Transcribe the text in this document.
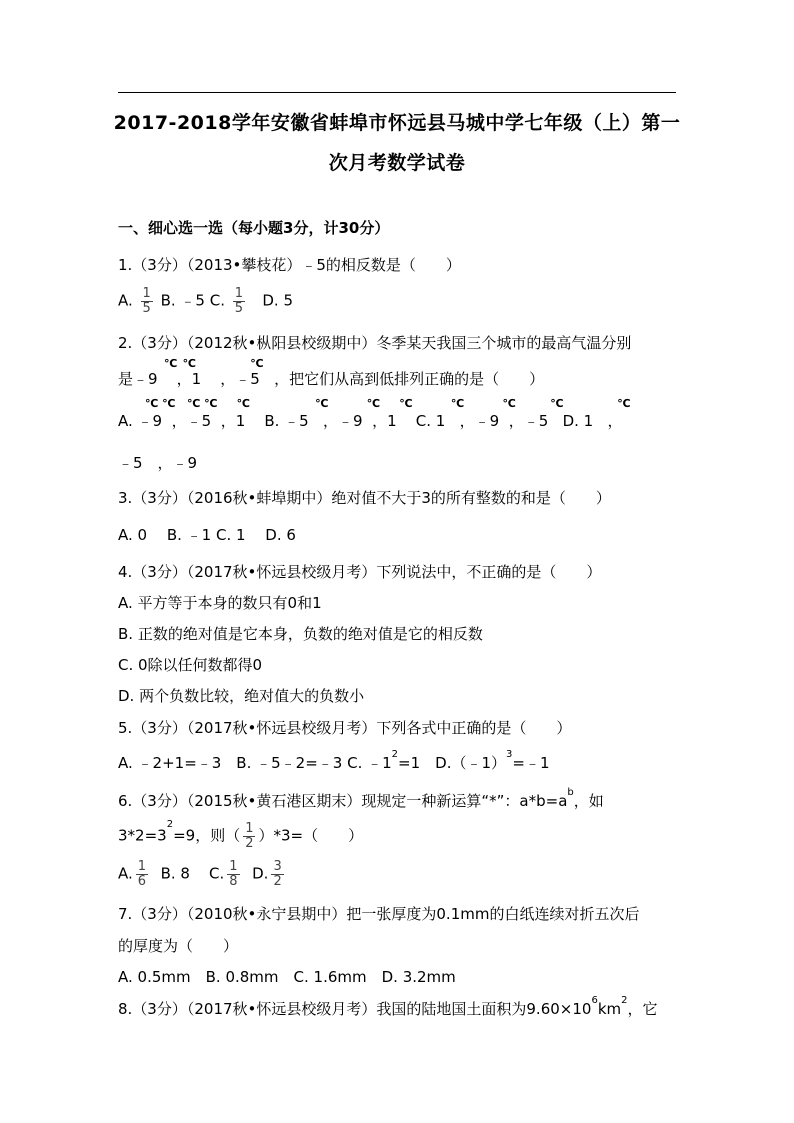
2017-2018学年安徽省蚌埠市怀远县马城中学七年级（上）第一
次月考数学试卷
一、细心选一选（每小题3分，计30分）
1.（3分）（2013•攀枝花）﹣5的相反数是（　　）
A. $\frac{1}{5} B$. ﹣5 C. $\frac{1}{5} D$. 5
2.（3分）（2012秋•枞阳县校级期中）冬季某天我国三个城市的最高气温分别
是﹣9
℃
，1
℃
，﹣5
℃
，把它们从高到低排列正确的是（　　）
A. ﹣9 ，﹣5 ，1 B. ﹣5 ，﹣9 ，1 C. 1 ，﹣9 ，﹣5 D. 1 ，
℃ ℃ ℃ ℃ ℃	℃	℃ ℃	℃	℃	℃	℃
﹣5　，﹣9
3.（3分）（2016秋•蚌埠期中）绝对值不大于3的所有整数的和是（　　）
A. 0　 B. ﹣1 C. 1　 D. 6
4.（3分）（2017秋•怀远县校级月考）下列说法中，不正确的是（　　）
A. 平方等于本身的数只有0和1
B. 正数的绝对值是它本身，负数的绝对值是它的相反数
C. 0除以任何数都得0
D. 两个负数比较，绝对值大的负数小
5.（3分）（2017秋•怀远县校级月考）下列各式中正确的是（　　）
A. ﹣2+1=﹣3　B. ﹣5﹣2=﹣3 C. $﹣1^2=1$　D.（﹣1）$^3$=﹣1
6.（3分）（2015秋•黄石港区期末）现规定一种新运算“*”：$a*b=a^b$，如
$3*2=3^2=9$，则（ $\frac{1}{2} )*3=$（　　）
A. $\frac{1}{6} B$. 8 C. $\frac{1}{8} D$. $\frac{3}{2}$
7.（3分）（2010秋•永宁县期中）把一张厚度为0.1mm的白纸连续对折五次后
的厚度为（　　）
A. 0.5mm　B. 0.8mm　C. 1.6mm　D. 3.2mm
8.（3分）（2017秋•怀远县校级月考）我国的陆地国土面积为$9.60\times 10^6km^2$，它
